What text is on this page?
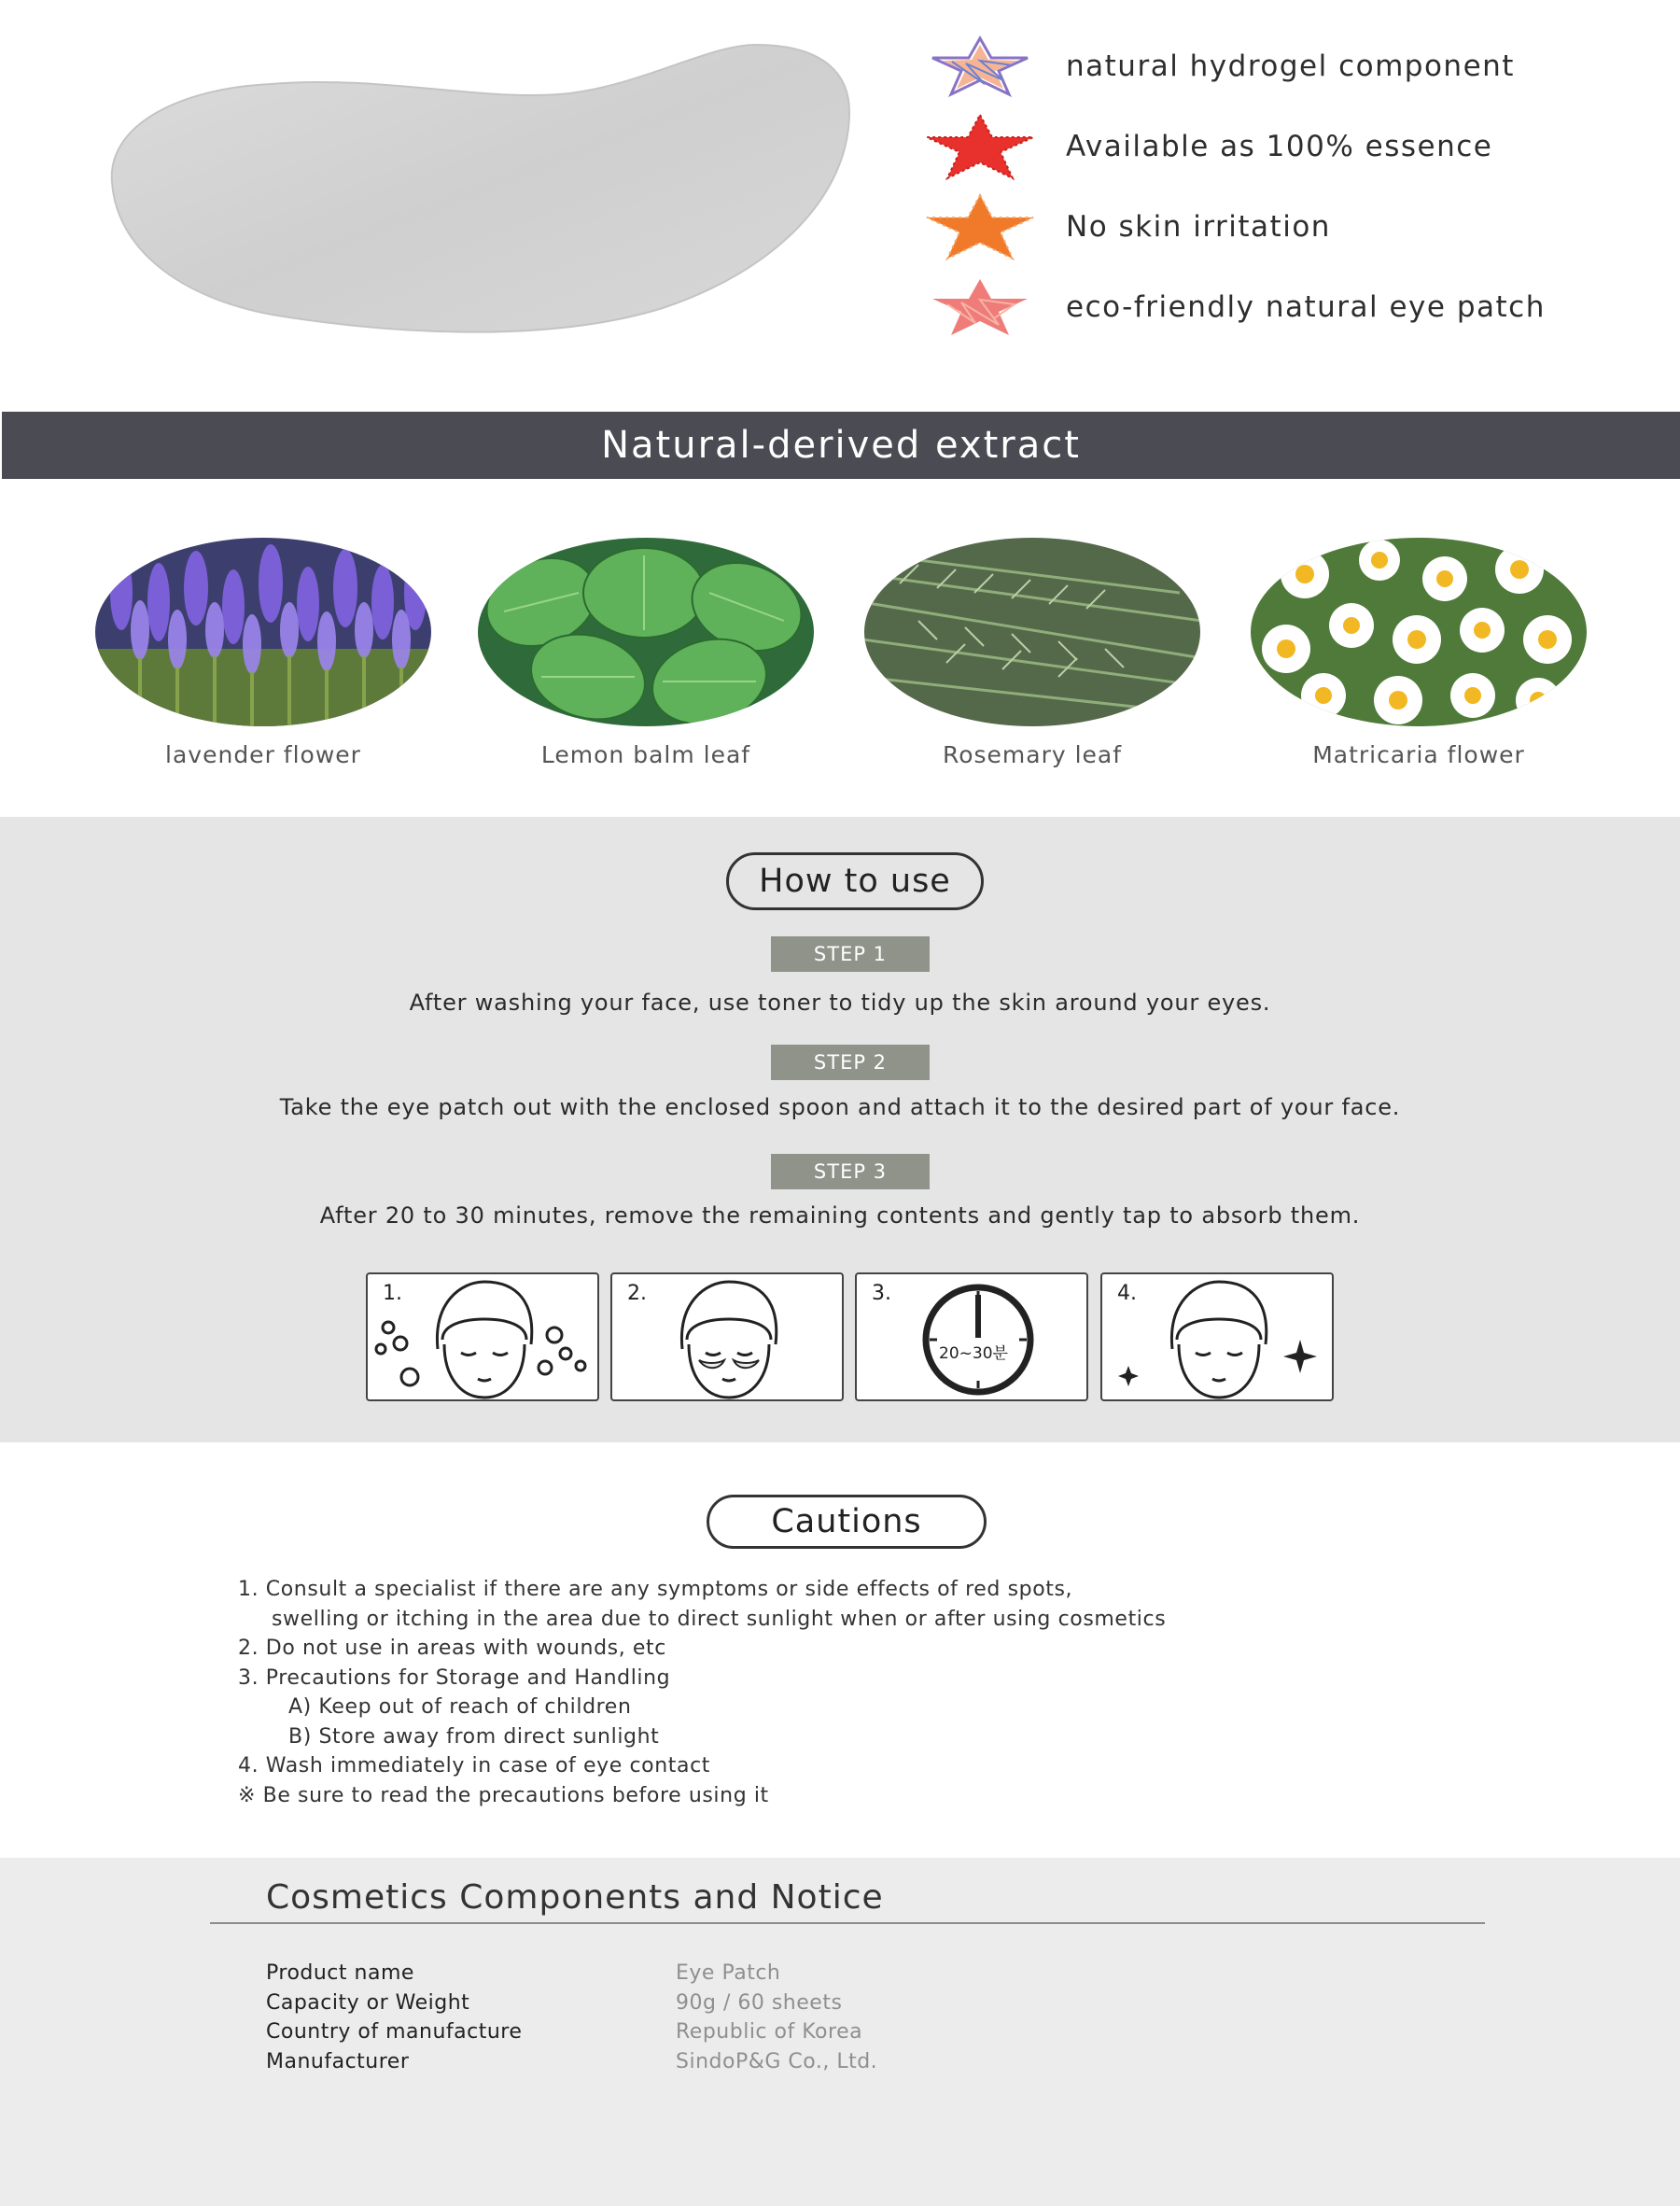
natural hydrogel component
Available as 100% essence
No skin irritation
eco-friendly natural eye patch
Natural-derived extract
lavender flower	Lemon balm leaf	Rosemary leaf	Matricaria flower
How to use
STEP 1
After washing your face, use toner to tidy up the skin around your eyes.
STEP 2
Take the eye patch out with the enclosed spoon and attach it to the desired part of your face.
STEP 3
After 20 to 30 minutes, remove the remaining contents and gently tap to absorb them.
1.	2.	3.
20~30분
4.
Cautions
1. Consult a specialist if there are any symptoms or side effects of red spots,
swelling or itching in the area due to direct sunlight when or after using cosmetics
2. Do not use in areas with wounds, etc
3. Precautions for Storage and Handling
A) Keep out of reach of children
B) Store away from direct sunlight
4. Wash immediately in case of eye contact
※ Be sure to read the precautions before using it
Cosmetics Components and Notice
Product name	Eye Patch
Capacity or Weight	90g / 60 sheets
Country of manufacture	Republic of Korea
Manufacturer	SindoP&G Co., Ltd.
